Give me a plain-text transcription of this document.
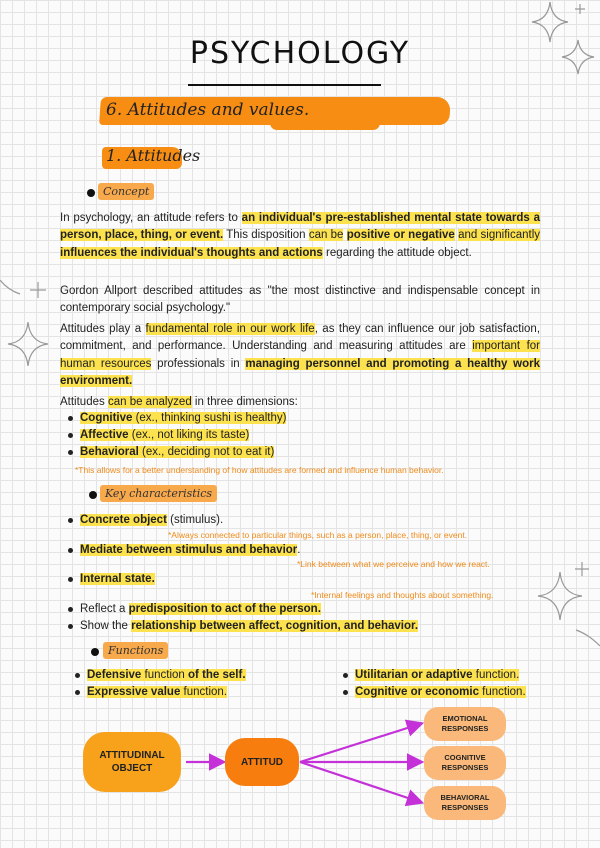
PSYCHOLOGY
6. Attitudes and values.
1. Attitudes
Concept

In psychology, an attitude refers to an individual's pre-established mental state towards a person, place, thing, or event. This disposition can be positive or negative and significantly influences the individual's thoughts and actions regarding the attitude object.

Gordon Allport described attitudes as "the most distinctive and indispensable concept in contemporary social psychology."

Attitudes play a fundamental role in our work life, as they can influence our job satisfaction, commitment, and performance. Understanding and measuring attitudes are important for human resources professionals in managing personnel and promoting a healthy work environment.

Attitudes can be analyzed in three dimensions:

Cognitive (ex., thinking sushi is healthy)
Affective (ex., not liking its taste)
Behavioral (ex., deciding not to eat it)
*This allows for a better understanding of how attitudes are formed and influence human behavior.
Key characteristics
Concrete object (stimulus).
*Always connected to particular things, such as a person, place, thing, or event.
Mediate between stimulus and behavior.
*Link between what we perceive and how we react.
Internal state.
*Internal feelings and thoughts about something.
Reflect a predisposition to act of the person.
Show the relationship between affect, cognition, and behavior.
Functions
Defensive function of the self.
Expressive value function.
Utilitarian or adaptive function.
Cognitive or economic function.
ATTITUDINAL OBJECT
ATTITUD
EMOTIONAL RESPONSES
COGNITIVE RESPONSES
BEHAVIORAL RESPONSES
